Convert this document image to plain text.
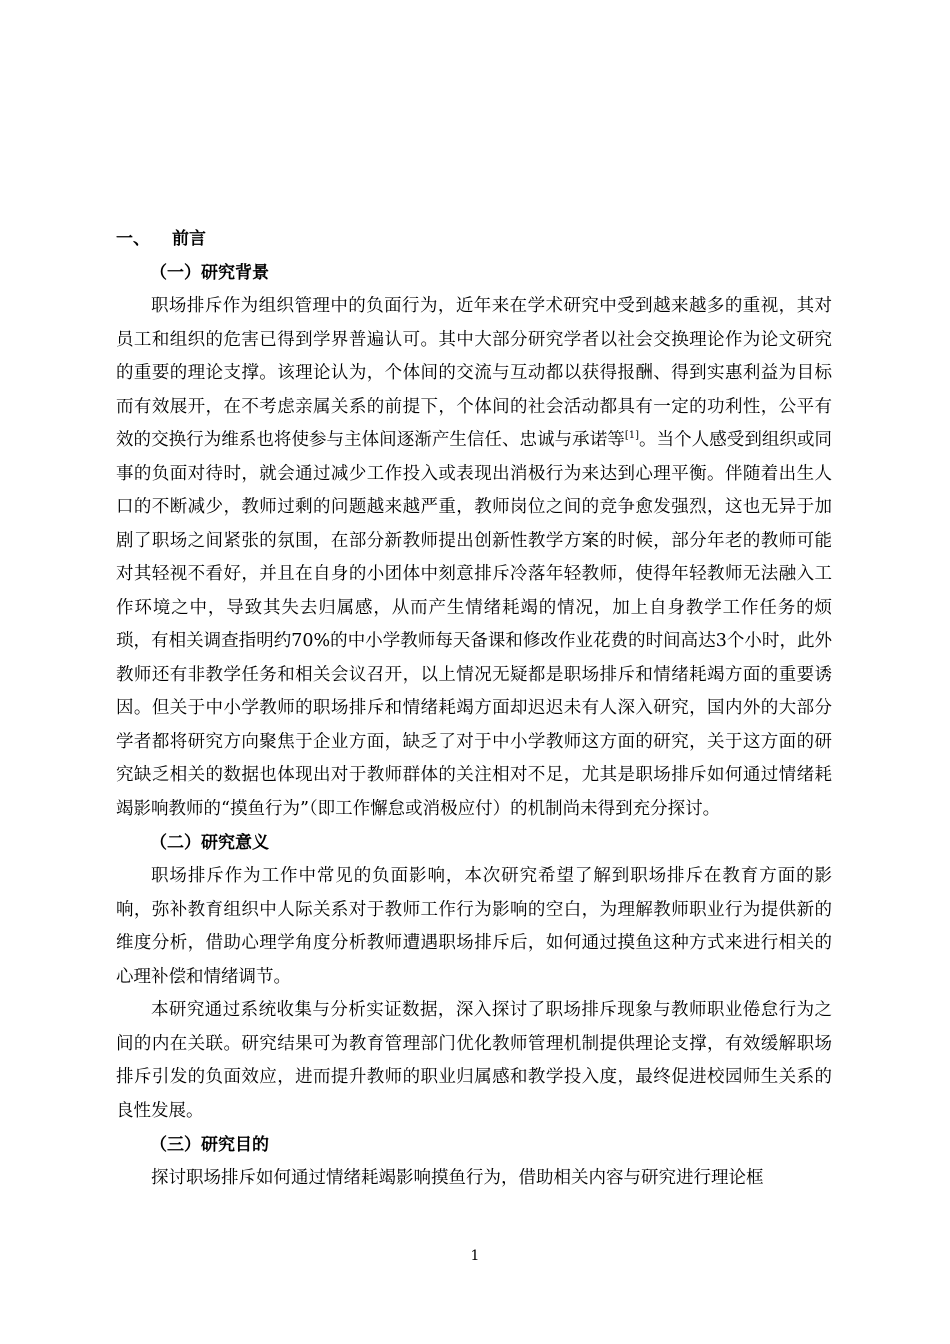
一、 前言
（一）研究背景

职场排斥作为组织管理中的负面行为，近年来在学术研究中受到越来越多的重视，其对员工和组织的危害已得到学界普遍认可。其中大部分研究学者以社会交换理论作为论文研究的重要的理论支撑。该理论认为，个体间的交流与互动都以获得报酬、得到实惠利益为目标而有效展开，在不考虑亲属关系的前提下，个体间的社会活动都具有一定的功利性，公平有效的交换行为维系也将使参与主体间逐渐产生信任、忠诚与承诺等[1]。当个人感受到组织或同事的负面对待时，就会通过减少工作投入或表现出消极行为来达到心理平衡。伴随着出生人口的不断减少，教师过剩的问题越来越严重，教师岗位之间的竞争愈发强烈，这也无异于加剧了职场之间紧张的氛围，在部分新教师提出创新性教学方案的时候，部分年老的教师可能对其轻视不看好，并且在自身的小团体中刻意排斥冷落年轻教师，使得年轻教师无法融入工作环境之中，导致其失去归属感，从而产生情绪耗竭的情况，加上自身教学工作任务的烦琐，有相关调查指明约70%的中小学教师每天备课和修改作业花费的时间高达3个小时，此外教师还有非教学任务和相关会议召开，以上情况无疑都是职场排斥和情绪耗竭方面的重要诱因。但关于中小学教师的职场排斥和情绪耗竭方面却迟迟未有人深入研究，国内外的大部分学者都将研究方向聚焦于企业方面，缺乏了对于中小学教师这方面的研究，关于这方面的研究缺乏相关的数据也体现出对于教师群体的关注相对不足，尤其是职场排斥如何通过情绪耗竭影响教师的“摸鱼行为”（即工作懈怠或消极应付）的机制尚未得到充分探讨。

（二）研究意义

职场排斥作为工作中常见的负面影响，本次研究希望了解到职场排斥在教育方面的影响，弥补教育组织中人际关系对于教师工作行为影响的空白，为理解教师职业行为提供新的维度分析，借助心理学角度分析教师遭遇职场排斥后，如何通过摸鱼这种方式来进行相关的心理补偿和情绪调节。

本研究通过系统收集与分析实证数据，深入探讨了职场排斥现象与教师职业倦怠行为之间的内在关联。研究结果可为教育管理部门优化教师管理机制提供理论支撑，有效缓解职场排斥引发的负面效应，进而提升教师的职业归属感和教学投入度，最终促进校园师生关系的良性发展。

（三）研究目的

探讨职场排斥如何通过情绪耗竭影响摸鱼行为，借助相关内容与研究进行理论框

1
